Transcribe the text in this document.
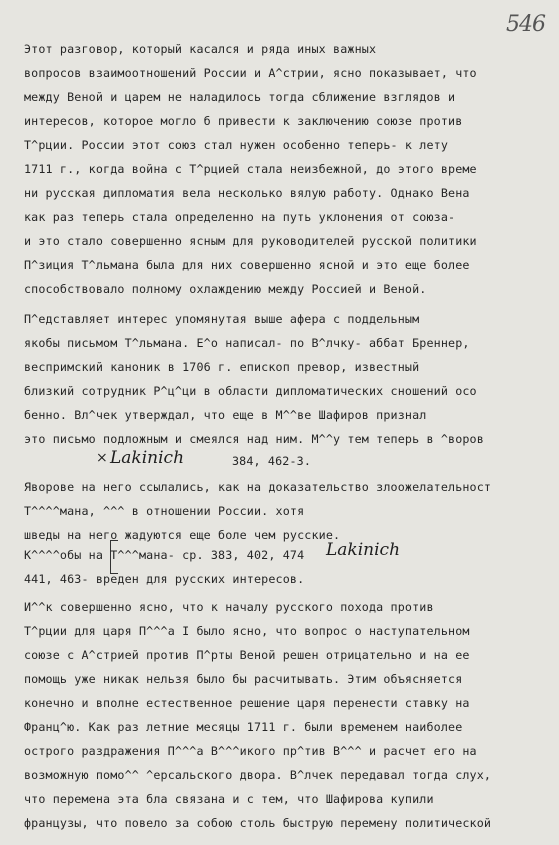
546
Этот разговор, который касался и ряда иных важных
вопросов взаимоотношений России и А^стрии, ясно показывает, что
между Веной и царем не наладилось тогда сближение взглядов и
интересов, которое могло б привести к заключению союзе против
Т^рции. России этот союз стал нужен особенно теперь- к лету
1711 г., когда война с Т^рцией стала неизбежной, до этого време
ни русская дипломатия вела несколько вялую работу. Однако Вена
как раз теперь стала определенно на путь уклонения от союза-
и это стало совершенно ясным для руководителей русской политики
П^зиция Т^льмана была для них совершенно ясной и это еще более
способствовало полному охлаждению между Россией и Веной.
П^едставляет интерес упомянутая выше афера с поддельным
якобы письмом Т^льмана. Е^о написал- по В^лчку- аббат Бреннер,
веспримский каноник в 1706 г. епископ превор, известный
близкий сотрудник Р^ц^ци в области дипломатических сношений осо
бенно. Вл^чек утверждал, что еще в М^^ве Шафиров признал
это письмо подложным и смеялся над ним. М^^у тем теперь в ^воров
× Lakinich	384, 462-3.
Яворове на него ссылались, как на доказательство злоожелательност
Т^^^^мана, ^^^ в отношении России. хотя
шведы на него жадуются еще боле чем русские.
К^^^^обы на Т^^^мана- ср. 383, 402, 474 Lakinich
441, 463- вреден для русских интересов.
И^^к совершенно ясно, что к началу русского похода против
Т^рции для царя П^^^а I было ясно, что вопрос о наступательном
союзе с А^стрией против П^рты Веной решен отрицательно и на ее
помощь уже никак нельзя было бы расчитывать. Этим объясняется
конечно и вполне естественное решение царя перенести ставку на
Франц^ю. Как раз летние месяцы 1711 г. были временем наиболее
острого раздражения П^^^а В^^^икого пр^тив В^^^ и расчет его на
возможную помо^^ ^ерсальского двора. В^лчек передавал тогда слух,
что перемена эта бла связана и с тем, что Шафирова купили
французы, что повело за собою столь быструю перемену политической
